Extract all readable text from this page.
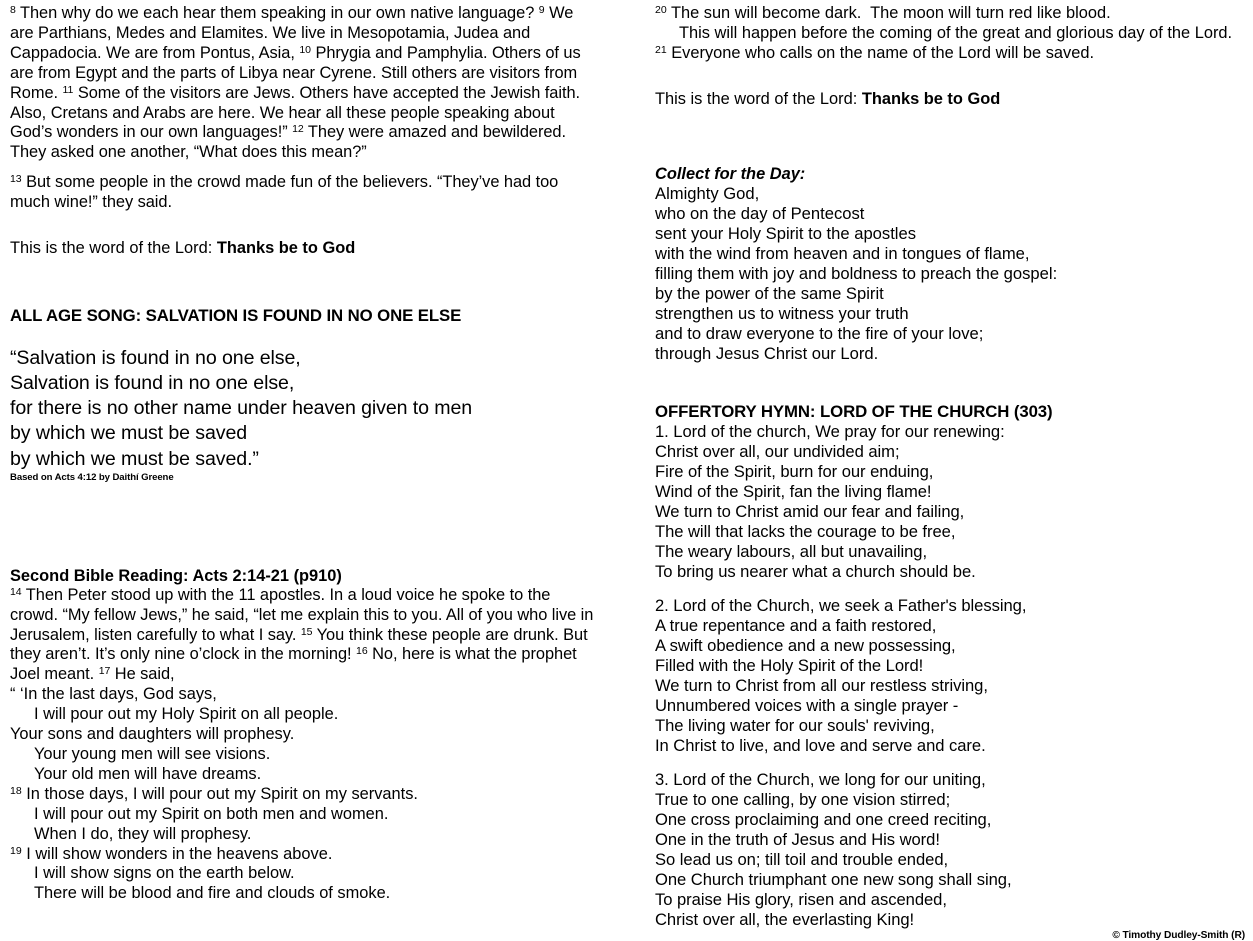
$^8$ Then why do we each hear them speaking in our own native language? $^9$ We are Parthians, Medes and Elamites. We live in Mesopotamia, Judea and Cappadocia. We are from Pontus, Asia, $^{10}$ Phrygia and Pamphylia. Others of us are from Egypt and the parts of Libya near Cyrene. Still others are visitors from Rome. $^{11}$ Some of the visitors are Jews. Others have accepted the Jewish faith. Also, Cretans and Arabs are here. We hear all these people speaking about God’s wonders in our own languages!” $^{12}$ They were amazed and bewildered. They asked one another, “What does this mean?”

$^{13}$ But some people in the crowd made fun of the believers. “They’ve had too much wine!” they said.

This is the word of the Lord: Thanks be to God

ALL AGE SONG: SALVATION IS FOUND IN NO ONE ELSE
“Salvation is found in no one else,
Salvation is found in no one else,
for there is no other name under heaven given to men
by which we must be saved
by which we must be saved.”
Based on Acts 4:12 by Daithí Greene
Second Bible Reading: Acts 2:14-21 (p910)

$^{14}$ Then Peter stood up with the 11 apostles. In a loud voice he spoke to the crowd. “My fellow Jews,” he said, “let me explain this to you. All of you who live in Jerusalem, listen carefully to what I say. $^{15}$ You think these people are drunk. But they aren’t. It’s only nine o’clock in the morning! $^{16}$ No, here is what the prophet Joel meant. $^{17}$ He said,

“ ‘In the last days, God says,
I will pour out my Holy Spirit on all people.
Your sons and daughters will prophesy.
Your young men will see visions.
Your old men will have dreams.
$^{18}$ In those days, I will pour out my Spirit on my servants.
I will pour out my Spirit on both men and women.
When I do, they will prophesy.
$^{19}$ I will show wonders in the heavens above.
I will show signs on the earth below.
There will be blood and fire and clouds of smoke.
$^{20}$ The sun will become dark.  The moon will turn red like blood.
This will happen before the coming of the great and glorious day of the Lord.
$^{21}$ Everyone who calls on the name of the Lord will be saved.

This is the word of the Lord: Thanks be to God

Collect for the Day:
Almighty God,
who on the day of Pentecost
sent your Holy Spirit to the apostles
with the wind from heaven and in tongues of flame,
filling them with joy and boldness to preach the gospel:
by the power of the same Spirit
strengthen us to witness your truth
and to draw everyone to the fire of your love;
through Jesus Christ our Lord.
OFFERTORY HYMN: LORD OF THE CHURCH (303)
1. Lord of the church, We pray for our renewing:
Christ over all, our undivided aim;
Fire of the Spirit, burn for our enduing,
Wind of the Spirit, fan the living flame!
We turn to Christ amid our fear and failing,
The will that lacks the courage to be free,
The weary labours, all but unavailing,
To bring us nearer what a church should be.
2. Lord of the Church, we seek a Father's blessing,
A true repentance and a faith restored,
A swift obedience and a new possessing,
Filled with the Holy Spirit of the Lord!
We turn to Christ from all our restless striving,
Unnumbered voices with a single prayer -
The living water for our souls' reviving,
In Christ to live, and love and serve and care.
3. Lord of the Church, we long for our uniting,
True to one calling, by one vision stirred;
One cross proclaiming and one creed reciting,
One in the truth of Jesus and His word!
So lead us on; till toil and trouble ended,
One Church triumphant one new song shall sing,
To praise His glory, risen and ascended,
Christ over all, the everlasting King!
© Timothy Dudley-Smith (R)
